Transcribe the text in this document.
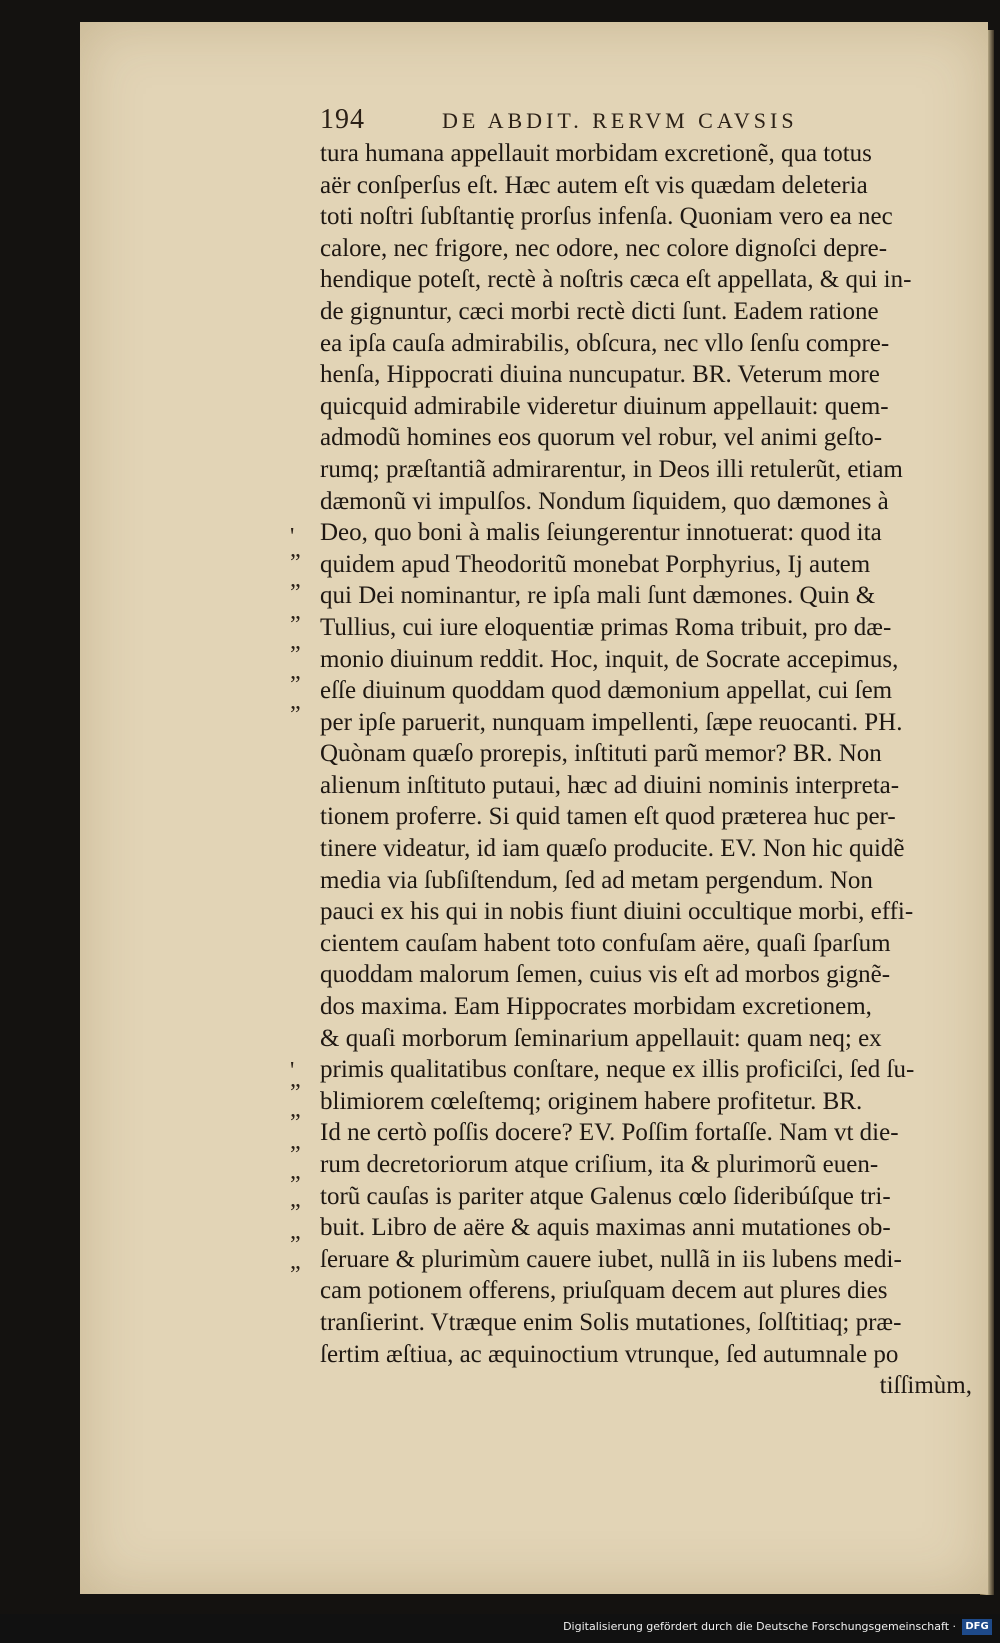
194	DE ABDIT. RERVM CAVSIS
tura humana appellauit morbidam excretionẽ, qua totus
aër conſperſus eſt. Hæc autem eſt vis quædam deleteria
toti noſtri ſubſtantię prorſus infenſa. Quoniam vero ea nec
calore, nec frigore, nec odore, nec colore dignoſci depre-
hendique poteſt, rectè à noſtris cæca eſt appellata, & qui in-
de gignuntur, cæci morbi rectè dicti ſunt. Eadem ratione
ea ipſa cauſa admirabilis, obſcura, nec vllo ſenſu compre-
henſa, Hippocrati diuina nuncupatur. BR. Veterum more
quicquid admirabile videretur diuinum appellauit: quem-
admodũ homines eos quorum vel robur, vel animi geſto-
rumq; præſtantiã admirarentur, in Deos illi retulerũt, etiam
dæmonũ vi impulſos. Nondum ſiquidem, quo dæmones à
Deo, quo boni à malis ſeiungerentur innotuerat: quod ita
quidem apud Theodoritũ monebat Porphyrius, Ij autem
qui Dei nominantur, re ipſa mali ſunt dæmones. Quin &
Tullius, cui iure eloquentiæ primas Roma tribuit, pro dæ-
monio diuinum reddit. Hoc, inquit, de Socrate accepimus,
eſſe diuinum quoddam quod dæmonium appellat, cui ſem
per ipſe paruerit, nunquam impellenti, ſæpe reuocanti. PH.
Quònam quæſo prorepis, inſtituti parũ memor? BR. Non
alienum inſtituto putaui, hæc ad diuini nominis interpreta-
tionem proferre. Si quid tamen eſt quod præterea huc per-
tinere videatur, id iam quæſo producite. EV. Non hic quidẽ
media via ſubſiſtendum, ſed ad metam pergendum. Non
pauci ex his qui in nobis fiunt diuini occultique morbi, effi-
cientem cauſam habent toto confuſam aëre, quaſi ſparſum
quoddam malorum ſemen, cuius vis eſt ad morbos gignẽ-
dos maxima. Eam Hippocrates morbidam excretionem,
& quaſi morborum ſeminarium appellauit: quam neq; ex
primis qualitatibus conſtare, neque ex illis proficiſci, ſed ſu-
blimiorem cœleſtemq; originem habere profitetur. BR.
Id ne certò poſſis docere? EV. Poſſim fortaſſe. Nam vt die-
rum decretoriorum atque criſium, ita & plurimorũ euen-
torũ cauſas is pariter atque Galenus cœlo ſideribúſque tri-
buit. Libro de aëre & aquis maximas anni mutationes ob-
ſeruare & plurimùm cauere iubet, nullã in iis lubens medi-
cam potionem offerens, priuſquam decem aut plures dies
tranſierint. Vtræque enim Solis mutationes, ſolſtitiaq; præ-
ſertim æſtiua, ac æquinoctium vtrunque, ſed autumnale po
tiſſimùm,
'
”
”
”
”
”
”
'
”
”
”
”
”
”
”
Digitalisierung gefördert durch die Deutsche Forschungsgemeinschaft · DFG
